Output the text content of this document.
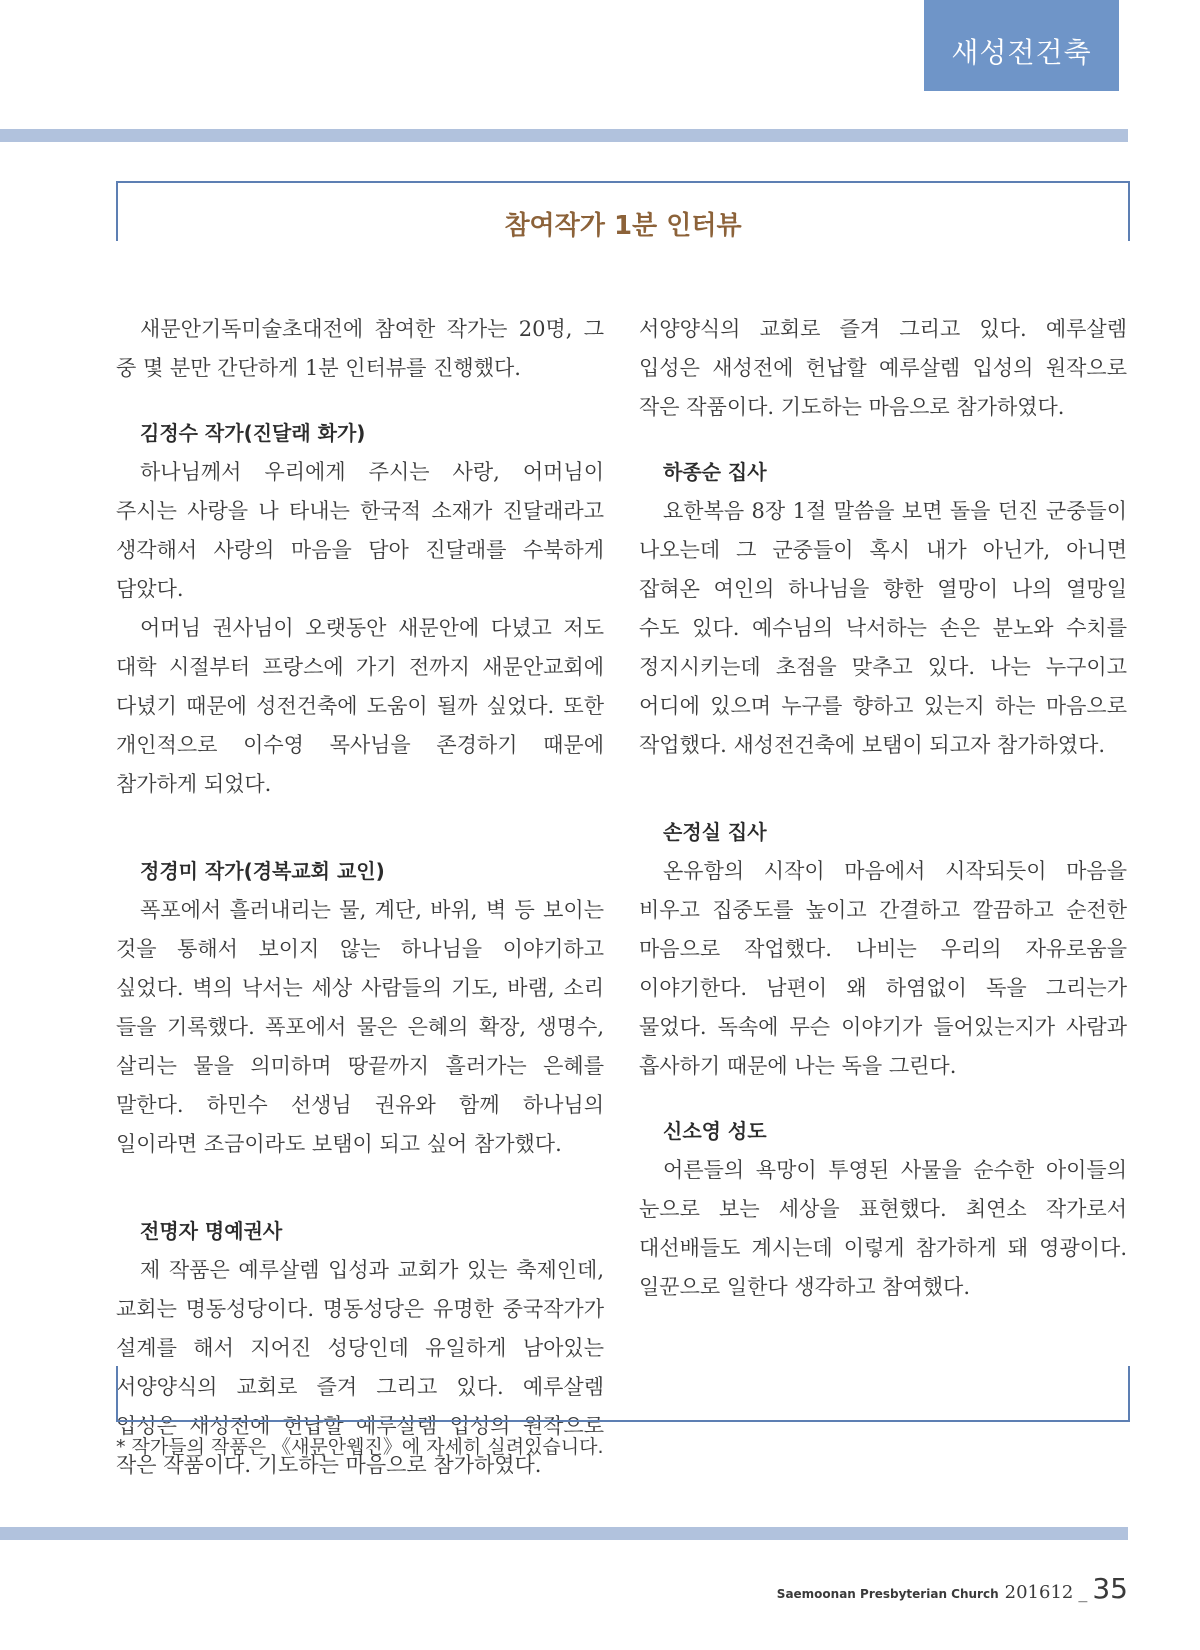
새성전건축
참여작가 1분 인터뷰

새문안기독미술초대전에 참여한 작가는 20명, 그 중 몇 분만 간단하게 1분 인터뷰를 진행했다.

김정수 작가(진달래 화가)

하나님께서 우리에게 주시는 사랑, 어머님이 주시는 사랑을 나 타내는 한국적 소재가 진달래라고 생각해서 사랑의 마음을 담아 진달래를 수북하게 담았다.

어머님 권사님이 오랫동안 새문안에 다녔고 저도 대학 시절부터 프랑스에 가기 전까지 새문안교회에 다녔기 때문에 성전건축에 도움이 될까 싶었다. 또한 개인적으로 이수영 목사님을 존경하기 때문에 참가하게 되었다.

정경미 작가(경복교회 교인)

폭포에서 흘러내리는 물, 계단, 바위, 벽 등 보이는 것을 통해서 보이지 않는 하나님을 이야기하고 싶었다. 벽의 낙서는 세상 사람들의 기도, 바램, 소리 들을 기록했다. 폭포에서 물은 은혜의 확장, 생명수, 살리는 물을 의미하며 땅끝까지 흘러가는 은혜를 말한다. 하민수 선생님 권유와 함께 하나님의 일이라면 조금이라도 보탬이 되고 싶어 참가했다.

전명자 명예권사

제 작품은 예루살렘 입성과 교회가 있는 축제인데, 교회는 명동성당이다. 명동성당은 유명한 중국작가가 설계를 해서 지어진 성당인데 유일하게 남아있는 서양양식의 교회로 즐겨 그리고 있다. 예루살렘 입성은 새성전에 헌납할 예루살렘 입성의 원작으로 작은 작품이다. 기도하는 마음으로 참가하였다.

서양양식의 교회로 즐겨 그리고 있다. 예루살렘 입성은 새성전에 헌납할 예루살렘 입성의 원작으로 작은 작품이다. 기도하는 마음으로 참가하였다.

하종순 집사

요한복음 8장 1절 말씀을 보면 돌을 던진 군중들이 나오는데 그 군중들이 혹시 내가 아닌가, 아니면 잡혀온 여인의 하나님을 향한 열망이 나의 열망일 수도 있다. 예수님의 낙서하는 손은 분노와 수치를 정지시키는데 초점을 맞추고 있다. 나는 누구이고 어디에 있으며 누구를 향하고 있는지 하는 마음으로 작업했다. 새성전건축에 보탬이 되고자 참가하였다.

손정실 집사

온유함의 시작이 마음에서 시작되듯이 마음을 비우고 집중도를 높이고 간결하고 깔끔하고 순전한 마음으로 작업했다. 나비는 우리의 자유로움을 이야기한다. 남편이 왜 하염없이 독을 그리는가 물었다. 독속에 무슨 이야기가 들어있는지가 사람과 흡사하기 때문에 나는 독을 그린다.

신소영 성도

어른들의 욕망이 투영된 사물을 순수한 아이들의 눈으로 보는 세상을 표현했다. 최연소 작가로서 대선배들도 계시는데 이렇게 참가하게 돼 영광이다. 일꾼으로 일한다 생각하고 참여했다.

* 작가들의 작품은 《새문안웹진》에 자세히 실려있습니다.
Saemoonan Presbyterian Church 201612 _ 35
